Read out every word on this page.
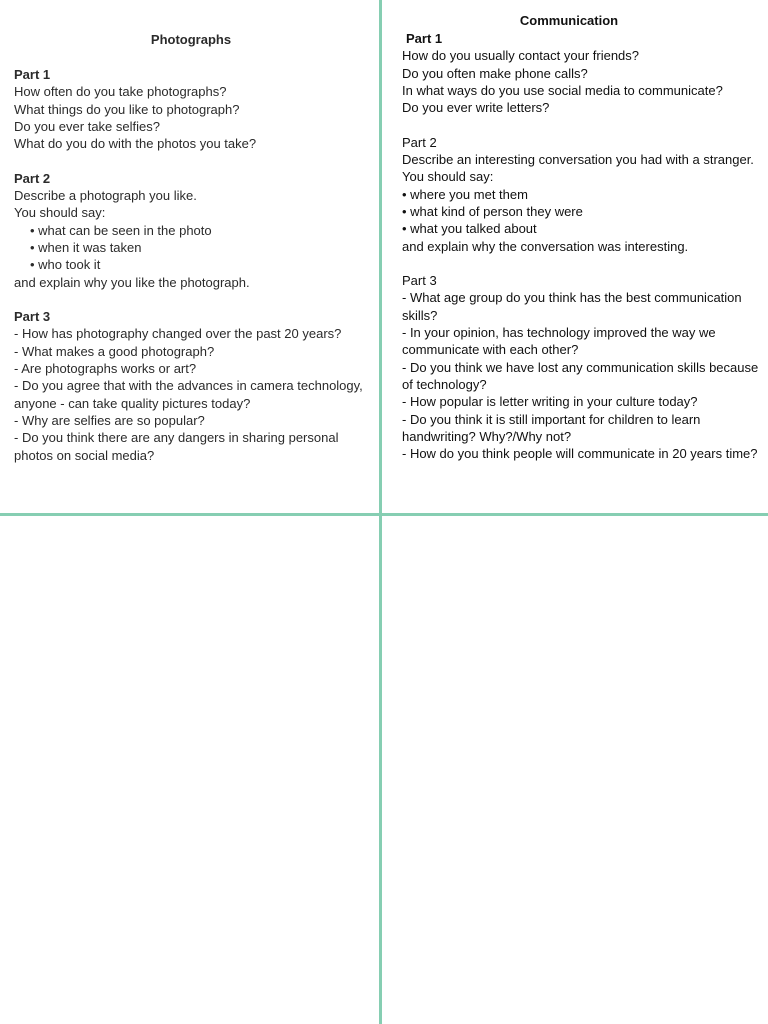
Photographs

Part 1

How often do you take photographs?

What things do you like to photograph?

Do you ever take selfies?

What do you do with the photos you take?

Part 2

Describe a photograph you like.

You should say:

• what can be seen in the photo

• when it was taken

• who took it

and explain why you like the photograph.

Part 3

- How has photography changed over the past 20 years?

- What makes a good photograph?

- Are photographs works or art?

- Do you agree that with the advances in camera technology, anyone - can take quality pictures today?

- Why are selfies are so popular?

- Do you think there are any dangers in sharing personal photos on social media?

Communication

Part 1

How do you usually contact your friends?

Do you often make phone calls?

In what ways do you use social media to communicate?

Do you ever write letters?

Part 2

Describe an interesting conversation you had with a stranger.

You should say:

• where you met them

• what kind of person they were

• what you talked about

and explain why the conversation was interesting.

Part 3

- What age group do you think has the best communication skills?

- In your opinion, has technology improved the way we communicate with each other?

- Do you think we have lost any communication skills because of technology?

- How popular is letter writing in your culture today?

- Do you think it is still important for children to learn handwriting? Why?/Why not?

- How do you think people will communicate in 20 years time?
